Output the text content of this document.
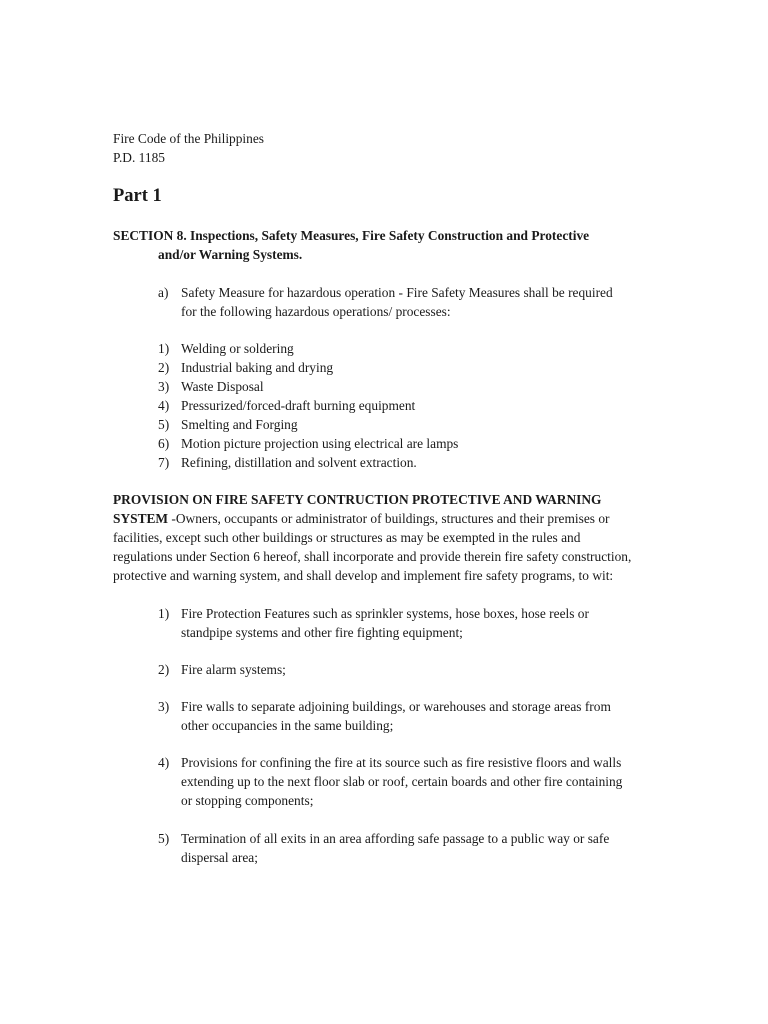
Fire Code of the Philippines
P.D. 1185
Part 1
SECTION 8. Inspections, Safety Measures, Fire Safety Construction and Protective
and/or Warning Systems.
a) Safety Measure for hazardous operation - Fire Safety Measures shall be required
for the following hazardous operations/ processes:
1) Welding or soldering
2) Industrial baking and drying
3) Waste Disposal
4) Pressurized/forced-draft burning equipment
5) Smelting and Forging
6) Motion picture projection using electrical are lamps
7) Refining, distillation and solvent extraction.
PROVISION ON FIRE SAFETY CONTRUCTION PROTECTIVE AND WARNING
SYSTEM -Owners, occupants or administrator of buildings, structures and their premises or
facilities, except such other buildings or structures as may be exempted in the rules and
regulations under Section 6 hereof, shall incorporate and provide therein fire safety construction,
protective and warning system, and shall develop and implement fire safety programs, to wit:
1) Fire Protection Features such as sprinkler systems, hose boxes, hose reels or
standpipe systems and other fire fighting equipment;
2) Fire alarm systems;
3) Fire walls to separate adjoining buildings, or warehouses and storage areas from
other occupancies in the same building;
4) Provisions for confining the fire at its source such as fire resistive floors and walls
extending up to the next floor slab or roof, certain boards and other fire containing
or stopping components;
5) Termination of all exits in an area affording safe passage to a public way or safe
dispersal area;
